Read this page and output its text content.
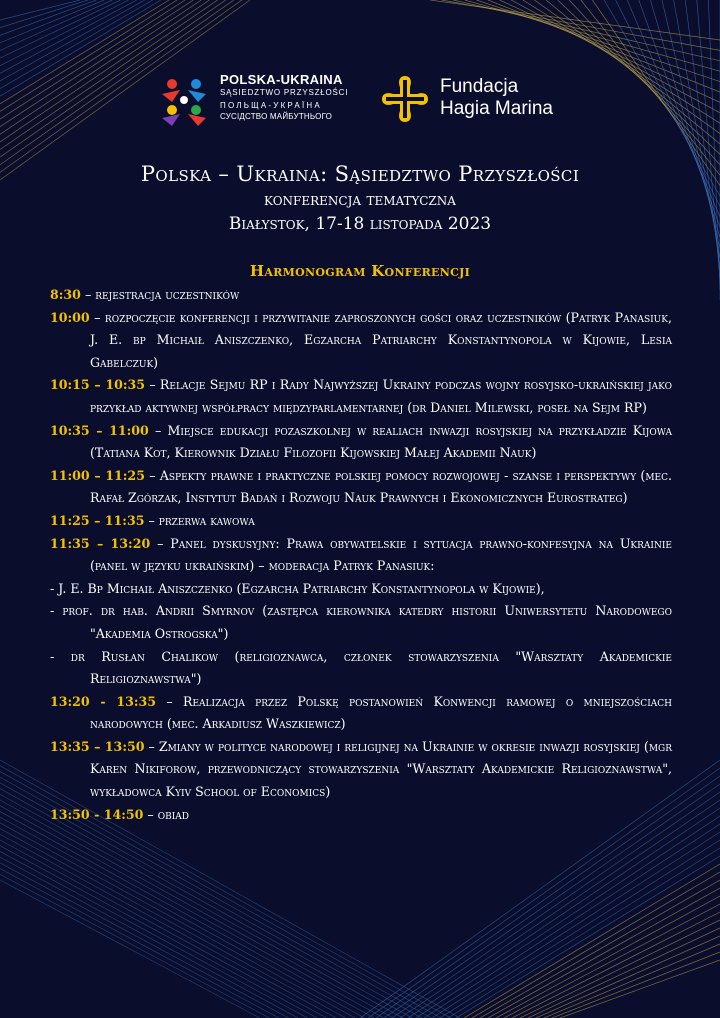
POLSKA-UKRAINA
SĄSIEDZTWO PRZYSZŁOŚCI
ПОЛЬЩА-УКРАЇНА
СУСІДСТВО МАЙБУТНЬОГО
Fundacja
Hagia Marina
Polska – Ukraina: Sąsiedztwo Przyszłości
konferencja tematyczna
Białystok, 17-18 listopada 2023
Harmonogram Konferencji

8:30 – rejestracja uczestników

10:00 – rozpoczęcie konferencji i przywitanie zaproszonych gości oraz uczestników (Patryk Panasiuk, J. E. bp Michaił Aniszczenko, Egzarcha Patriarchy Konstantynopola w Kijowie, Lesia Gabelczuk)

10:15 – 10:35 – Relacje Sejmu RP i Rady Najwyższej Ukrainy podczas wojny rosyjsko-ukraińskiej jako przykład aktywnej współpracy międzyparlamentarnej (dr Daniel Milewski, poseł na Sejm RP)

10:35 – 11:00 – Miejsce edukacji pozaszkolnej w realiach inwazji rosyjskiej na przykładzie Kijowa (Tatiana Kot, Kierownik Działu Filozofii Kijowskiej Małej Akademii Nauk)

11:00 – 11:25 – Aspekty prawne i praktyczne polskiej pomocy rozwojowej - szanse i perspektywy (mec. Rafał Zgórzak, Instytut Badań i Rozwoju Nauk Prawnych i Ekonomicznych Eurostrateg)

11:25 – 11:35 – przerwa kawowa

11:35 – 13:20 – Panel dyskusyjny: Prawa obywatelskie i sytuacja prawno-konfesyjna na Ukrainie (panel w języku ukraińskim) – moderacja Patryk Panasiuk:

- J. E. Bp Michaił Aniszczenko (Egzarcha Patriarchy Konstantynopola w Kijowie),

- prof. dr hab. Andrii Smyrnov (zastępca kierownika katedry historii Uniwersytetu Narodowego "Akademia Ostrogska")

- dr Rusłan Chalikow (religioznawca, członek stowarzyszenia "Warsztaty Akademickie Religioznawstwa")

13:20 - 13:35 – Realizacja przez Polskę postanowień Konwencji ramowej o mniejszościach narodowych (mec. Arkadiusz Waszkiewicz)

13:35 – 13:50 – Zmiany w polityce narodowej i religijnej na Ukrainie w okresie inwazji rosyjskiej (mgr Karen Nikiforow, przewodniczący stowarzyszenia "Warsztaty Akademickie Religioznawstwa", wykładowca Kyiv School of Economics)

13:50 - 14:50 – obiad
